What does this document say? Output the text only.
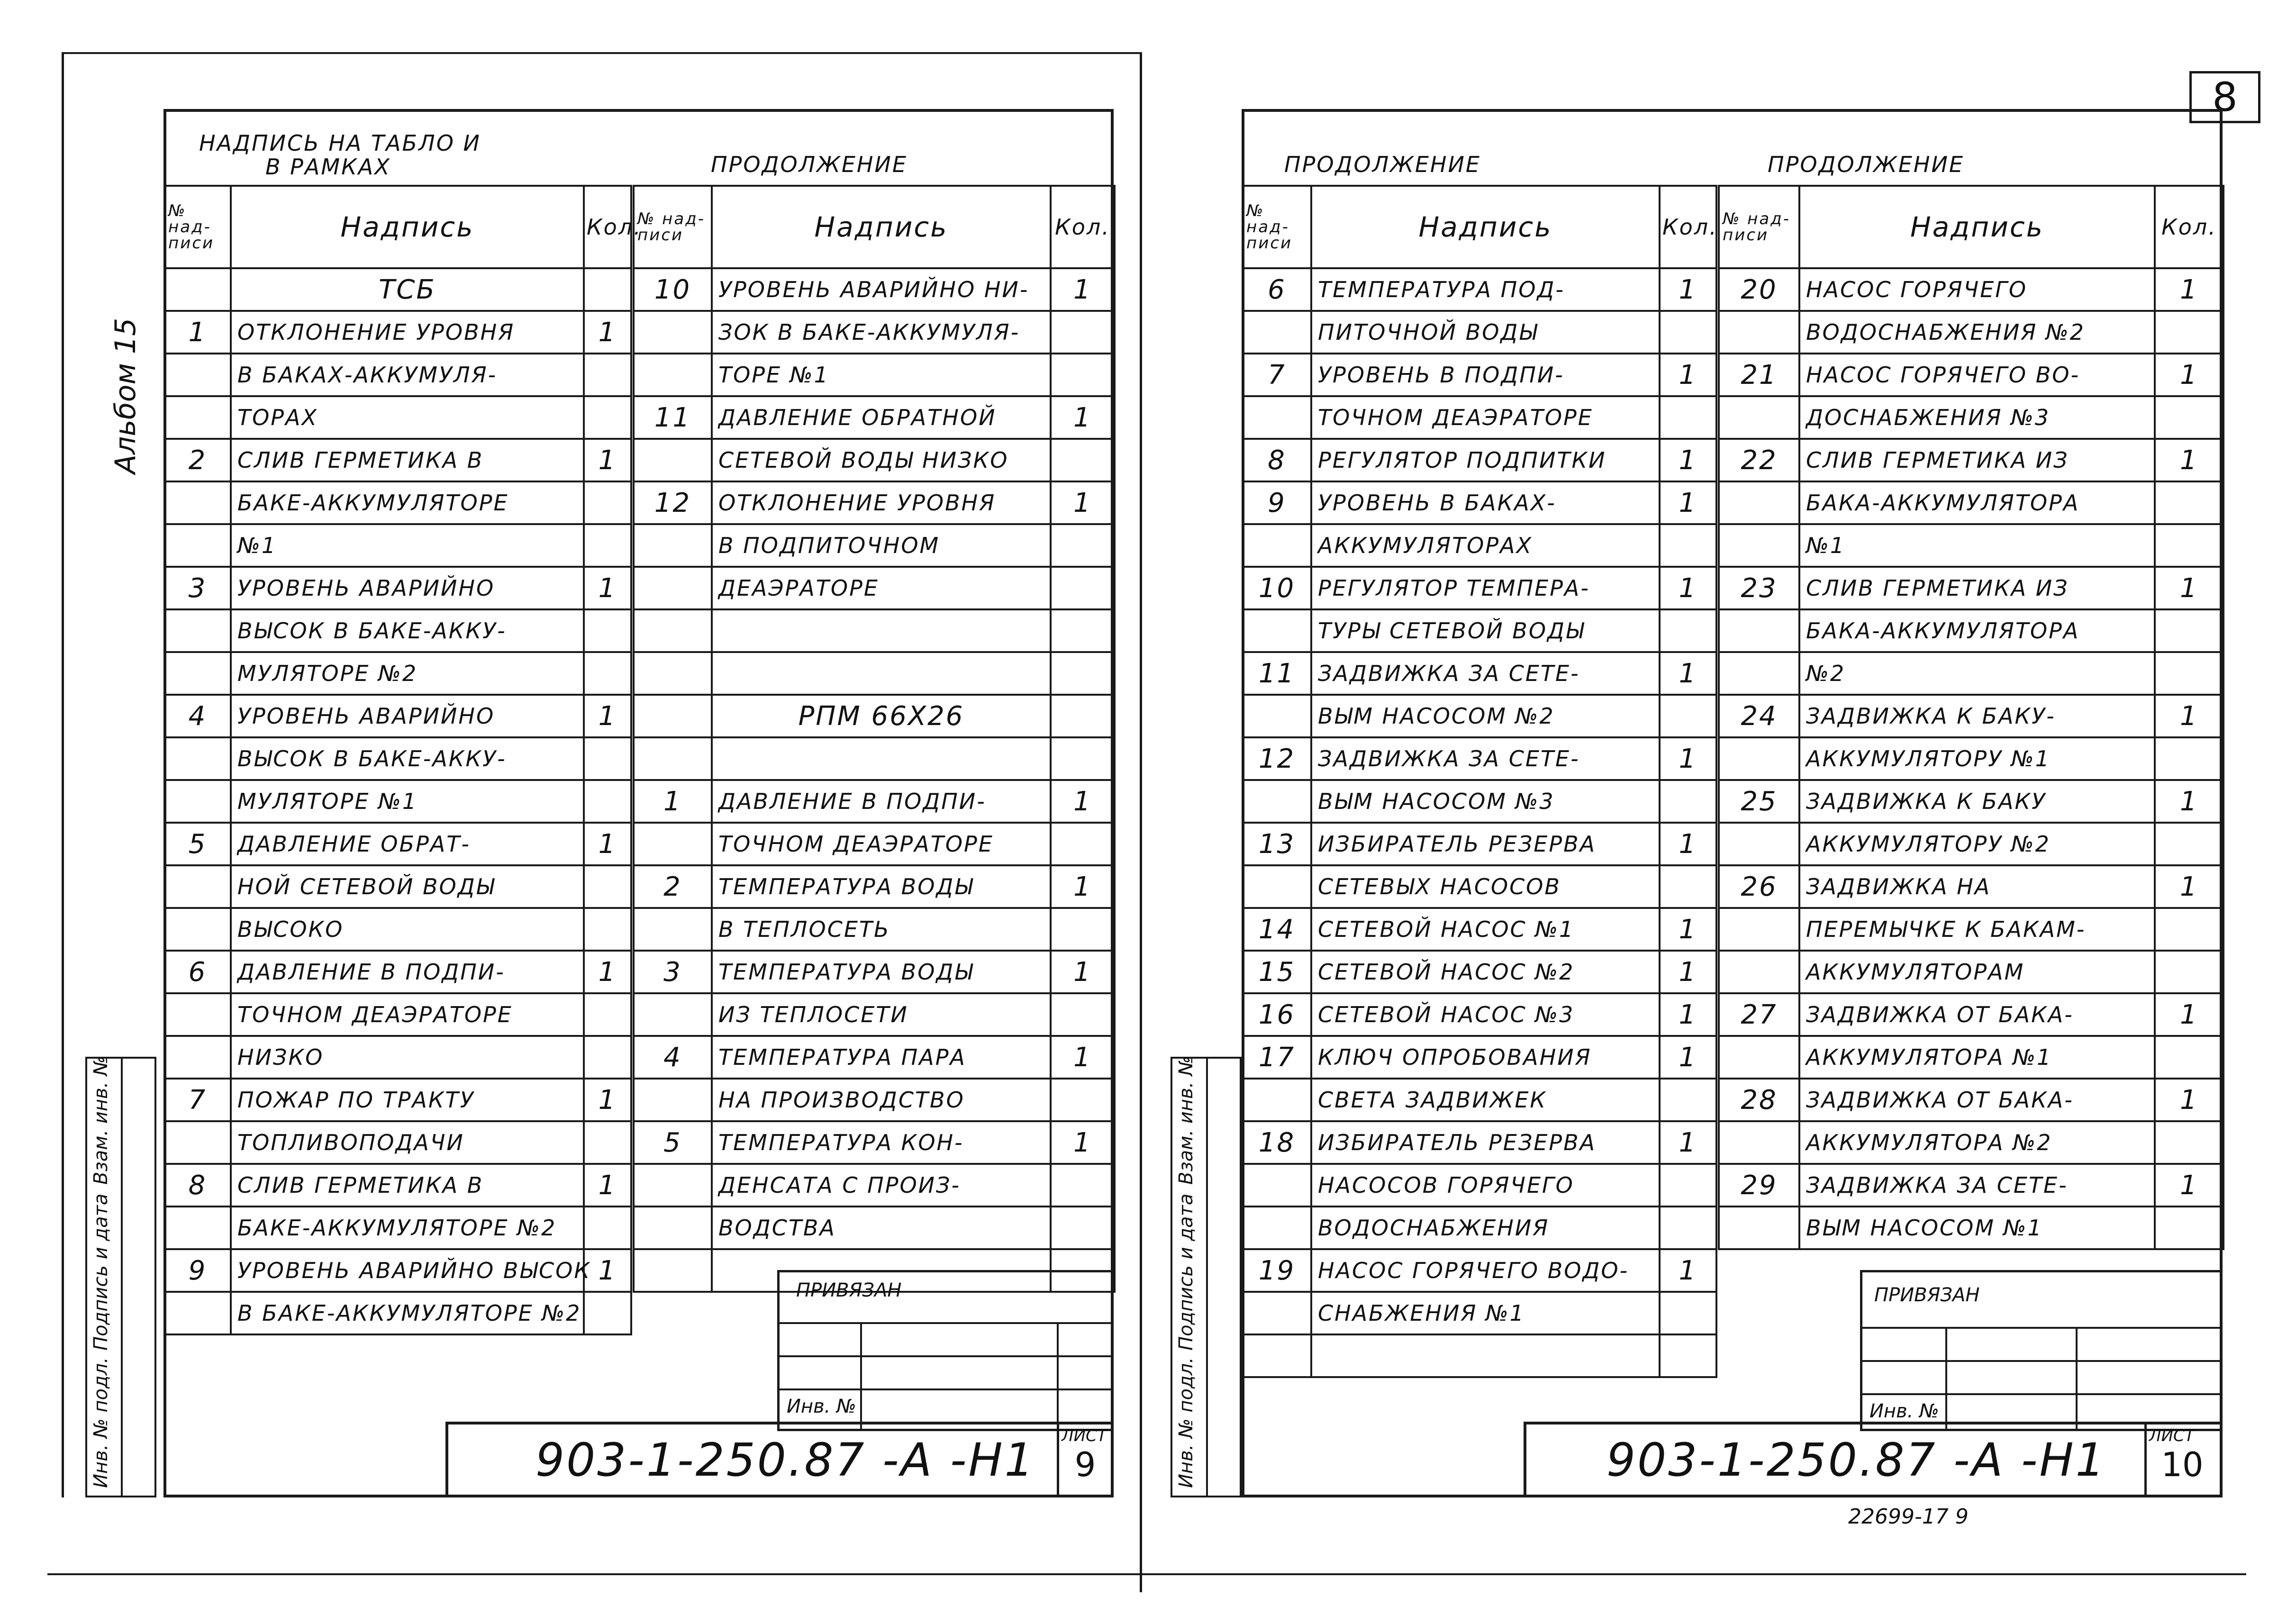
8
Альбом 15
НАДПИСЬ НА ТАБЛО И
В РАМКАХ	ПРОДОЛЖЕНИЕ
№ над-писи	Надпись	Кол.
	ТСБ	
1	ОТКЛОНЕНИЕ УРОВНЯ	1
	В БАКАХ-АККУМУЛЯ-	
	ТОРАХ	
2	СЛИВ ГЕРМЕТИКА В	1
	БАКЕ-АККУМУЛЯТОРЕ	
	№1	
3	УРОВЕНЬ АВАРИЙНО	1
	ВЫСОК В БАКЕ-АККУ-	
	МУЛЯТОРЕ №2	
4	УРОВЕНЬ АВАРИЙНО	1
	ВЫСОК В БАКЕ-АККУ-	
	МУЛЯТОРЕ №1	
5	ДАВЛЕНИЕ ОБРАТ-	1
	НОЙ СЕТЕВОЙ ВОДЫ	
	ВЫСОКО	
6	ДАВЛЕНИЕ В ПОДПИ-	1
	ТОЧНОМ ДЕАЭРАТОРЕ	
	НИЗКО	
7	ПОЖАР ПО ТРАКТУ	1
	ТОПЛИВОПОДАЧИ	
8	СЛИВ ГЕРМЕТИКА В	1
	БАКЕ-АККУМУЛЯТОРЕ №2	
9	УРОВЕНЬ АВАРИЙНО ВЫСОК	1
	В БАКЕ-АККУМУЛЯТОРЕ №2	
№ над-писи	Надпись	Кол.
10	УРОВЕНЬ АВАРИЙНО НИ-	1
	ЗОК В БАКЕ-АККУМУЛЯ-	
	ТОРЕ №1	
11	ДАВЛЕНИЕ ОБРАТНОЙ	1
	СЕТЕВОЙ ВОДЫ НИЗКО	
12	ОТКЛОНЕНИЕ УРОВНЯ	1
	В ПОДПИТОЧНОМ	
	ДЕАЭРАТОРЕ	

	РПМ 66Х26	

1	ДАВЛЕНИЕ В ПОДПИ-	1
	ТОЧНОМ ДЕАЭРАТОРЕ	
2	ТЕМПЕРАТУРА ВОДЫ	1
	В ТЕПЛОСЕТЬ	
3	ТЕМПЕРАТУРА ВОДЫ	1
	ИЗ ТЕПЛОСЕТИ	
4	ТЕМПЕРАТУРА ПАРА	1
	НА ПРОИЗВОДСТВО	
5	ТЕМПЕРАТУРА КОН-	1
	ДЕНСАТА С ПРОИЗ-	
	ВОДСТВА	

ПРИВЯЗАН
Инв. №
903-1-250.87 -А -Н1 ЛИСТ
9
Инв. № подл.
Подпись и дата
Взам. инв. №
ПРОДОЛЖЕНИЕ	ПРОДОЛЖЕНИЕ
№ над-писи	Надпись	Кол.
6	ТЕМПЕРАТУРА ПОД-	1
	ПИТОЧНОЙ ВОДЫ	
7	УРОВЕНЬ В ПОДПИ-	1
	ТОЧНОМ ДЕАЭРАТОРЕ	
8	РЕГУЛЯТОР ПОДПИТКИ	1
9	УРОВЕНЬ В БАКАХ-	1
	АККУМУЛЯТОРАХ	
10	РЕГУЛЯТОР ТЕМПЕРА-	1
	ТУРЫ СЕТЕВОЙ ВОДЫ	
11	ЗАДВИЖКА ЗА СЕТЕ-	1
	ВЫМ НАСОСОМ №2	
12	ЗАДВИЖКА ЗА СЕТЕ-	1
	ВЫМ НАСОСОМ №3	
13	ИЗБИРАТЕЛЬ РЕЗЕРВА	1
	СЕТЕВЫХ НАСОСОВ	
14	СЕТЕВОЙ НАСОС №1	1
15	СЕТЕВОЙ НАСОС №2	1
16	СЕТЕВОЙ НАСОС №3	1
17	КЛЮЧ ОПРОБОВАНИЯ	1
	СВЕТА ЗАДВИЖЕК	
18	ИЗБИРАТЕЛЬ РЕЗЕРВА	1
	НАСОСОВ ГОРЯЧЕГО	
	ВОДОСНАБЖЕНИЯ	
19	НАСОС ГОРЯЧЕГО ВОДО-	1
	СНАБЖЕНИЯ №1	

№ над-писи	Надпись	Кол.
20	НАСОС ГОРЯЧЕГО	1
	ВОДОСНАБЖЕНИЯ №2	
21	НАСОС ГОРЯЧЕГО ВО-	1
	ДОСНАБЖЕНИЯ №3	
22	СЛИВ ГЕРМЕТИКА ИЗ	1
	БАКА-АККУМУЛЯТОРА	
	№1	
23	СЛИВ ГЕРМЕТИКА ИЗ	1
	БАКА-АККУМУЛЯТОРА	
	№2	
24	ЗАДВИЖКА К БАКУ-	1
	АККУМУЛЯТОРУ №1	
25	ЗАДВИЖКА К БАКУ	1
	АККУМУЛЯТОРУ №2	
26	ЗАДВИЖКА НА	1
	ПЕРЕМЫЧКЕ К БАКАМ-	
	АККУМУЛЯТОРАМ	
27	ЗАДВИЖКА ОТ БАКА-	1
	АККУМУЛЯТОРА №1	
28	ЗАДВИЖКА ОТ БАКА-	1
	АККУМУЛЯТОРА №2	
29	ЗАДВИЖКА ЗА СЕТЕ-	1
	ВЫМ НАСОСОМ №1	
ПРИВЯЗАН
Инв. №
903-1-250.87 -А -Н1	ЛИСТ
10
22699-17 9
Инв. № подл.
Подпись и дата
Взам. инв. №
